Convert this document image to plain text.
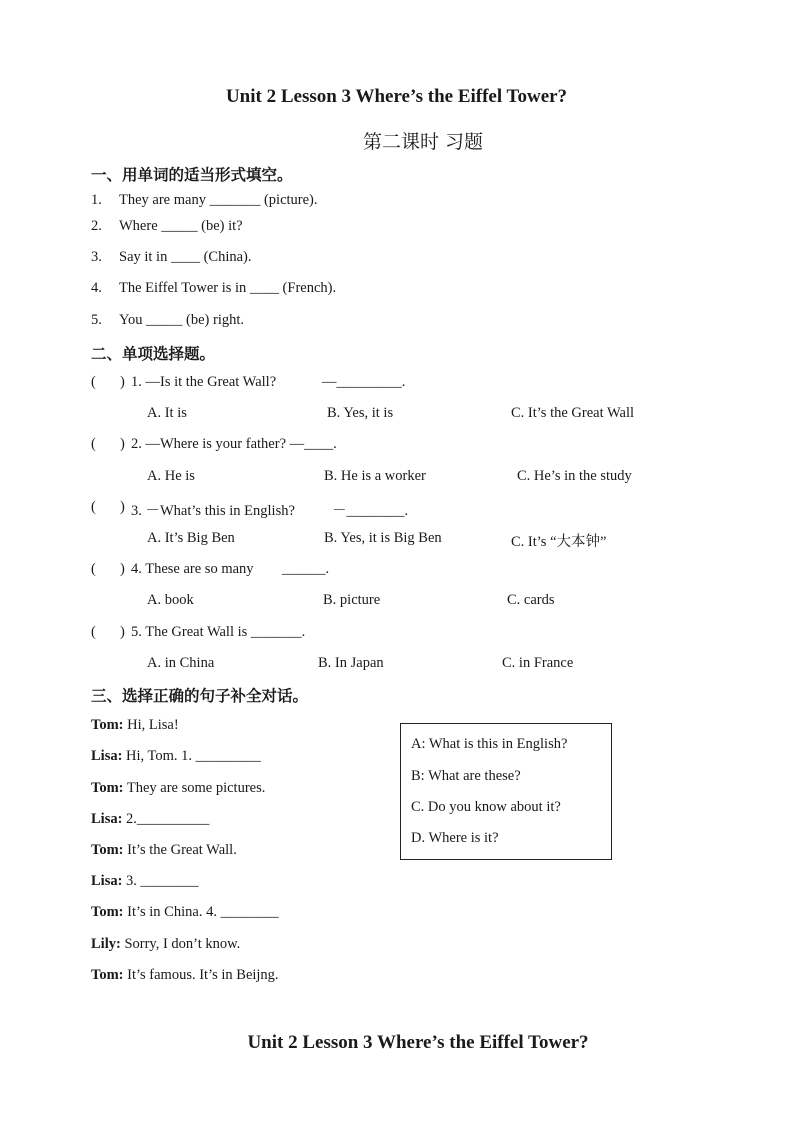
Unit 2 Lesson 3 Where’s the Eiffel Tower?
第二课时 习题
一、用单词的适当形式填空。
1. They are many _______ (picture).
2. Where _____ (be) it?
3. Say it in ____ (China).
4. The Eiffel Tower is in ____ (French).
5. You _____ (be) right.
二、单项选择题。
( ) 1. —Is it the Great Wall?	—_________.
A. It is	B. Yes, it is	C. It’s the Great Wall
( ) 2. —Where is your father? —____.
A. He is	B. He is a worker	C. He’s in the study
( ) 3. －What’s this in English?	－________.
A. It’s Big Ben	B. Yes, it is Big Ben	C. It’s “大本钟”
( ) 4. These are so many ______.
A. book	B. picture	C. cards
( ) 5. The Great Wall is _______.
A. in China	B. In Japan	C. in France
三、选择正确的句子补全对话。
Tom: Hi, Lisa!
Lisa: Hi, Tom. 1. _________
Tom: They are some pictures.
Lisa: 2.__________
Tom: It’s the Great Wall.
Lisa: 3. ________
Tom: It’s in China. 4. ________
Lily: Sorry, I don’t know.
Tom: It’s famous. It’s in Beijng.
A: What is this in English?
B: What are these?
C. Do you know about it?
D. Where is it?
Unit 2 Lesson 3 Where’s the Eiffel Tower?
